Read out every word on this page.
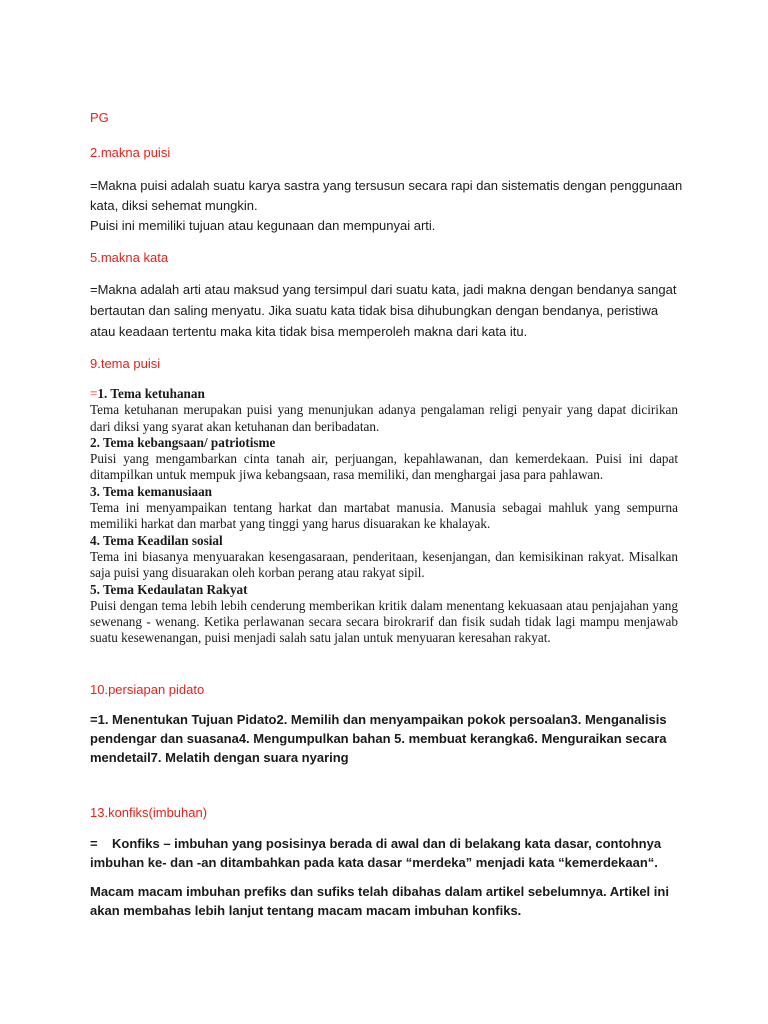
PG
2.makna puisi

=Makna puisi adalah suatu karya sastra yang tersusun secara rapi dan sistematis dengan penggunaan kata, diksi sehemat mungkin.

Puisi ini memiliki tujuan atau kegunaan dan mempunyai arti.

5.makna kata
=Makna adalah arti atau maksud yang tersimpul dari suatu kata, jadi makna dengan bendanya sangat bertautan dan saling menyatu. Jika suatu kata tidak bisa dihubungkan dengan bendanya, peristiwa atau keadaan tertentu maka kita tidak bisa memperoleh makna dari kata itu.
9.tema puisi
=1. Tema ketuhanan
Tema ketuhanan merupakan puisi yang menunjukan adanya pengalaman religi penyair yang dapat dicirikan dari diksi yang syarat akan ketuhanan dan beribadatan.
2. Tema kebangsaan/ patriotisme
Puisi yang mengambarkan cinta tanah air, perjuangan, kepahlawanan, dan kemerdekaan. Puisi ini dapat ditampilkan untuk mempuk jiwa kebangsaan, rasa memiliki, dan menghargai jasa para pahlawan.
3. Tema kemanusiaan
Tema ini menyampaikan tentang harkat dan martabat manusia. Manusia sebagai mahluk yang sempurna memiliki harkat dan marbat yang tinggi yang harus disuarakan ke khalayak.
4. Tema Keadilan sosial
Tema ini biasanya menyuarakan kesengasaraan, penderitaan, kesenjangan, dan kemisikinan rakyat. Misalkan saja puisi yang disuarakan oleh korban perang atau rakyat sipil.
5. Tema Kedaulatan Rakyat
Puisi dengan tema lebih lebih cenderung memberikan kritik dalam menentang kekuasaan atau penjajahan yang sewenang - wenang. Ketika perlawanan secara secara birokrarif dan fisik sudah tidak lagi mampu menjawab suatu kesewenangan, puisi menjadi salah satu jalan untuk menyuaran keresahan rakyat.
10.persiapan pidato
=1. Menentukan Tujuan Pidato2. Memilih dan menyampaikan pokok persoalan3. Menganalisis pendengar dan suasana4. Mengumpulkan bahan 5. membuat kerangka6. Menguraikan secara mendetail7. Melatih dengan suara nyaring
13.konfiks(imbuhan)
=    Konfiks – imbuhan yang posisinya berada di awal dan di belakang kata dasar, contohnya imbuhan ke- dan -an ditambahkan pada kata dasar “merdeka” menjadi kata “kemerdekaan“.
Macam macam imbuhan prefiks dan sufiks telah dibahas dalam artikel sebelumnya. Artikel ini akan membahas lebih lanjut tentang macam macam imbuhan konfiks.
